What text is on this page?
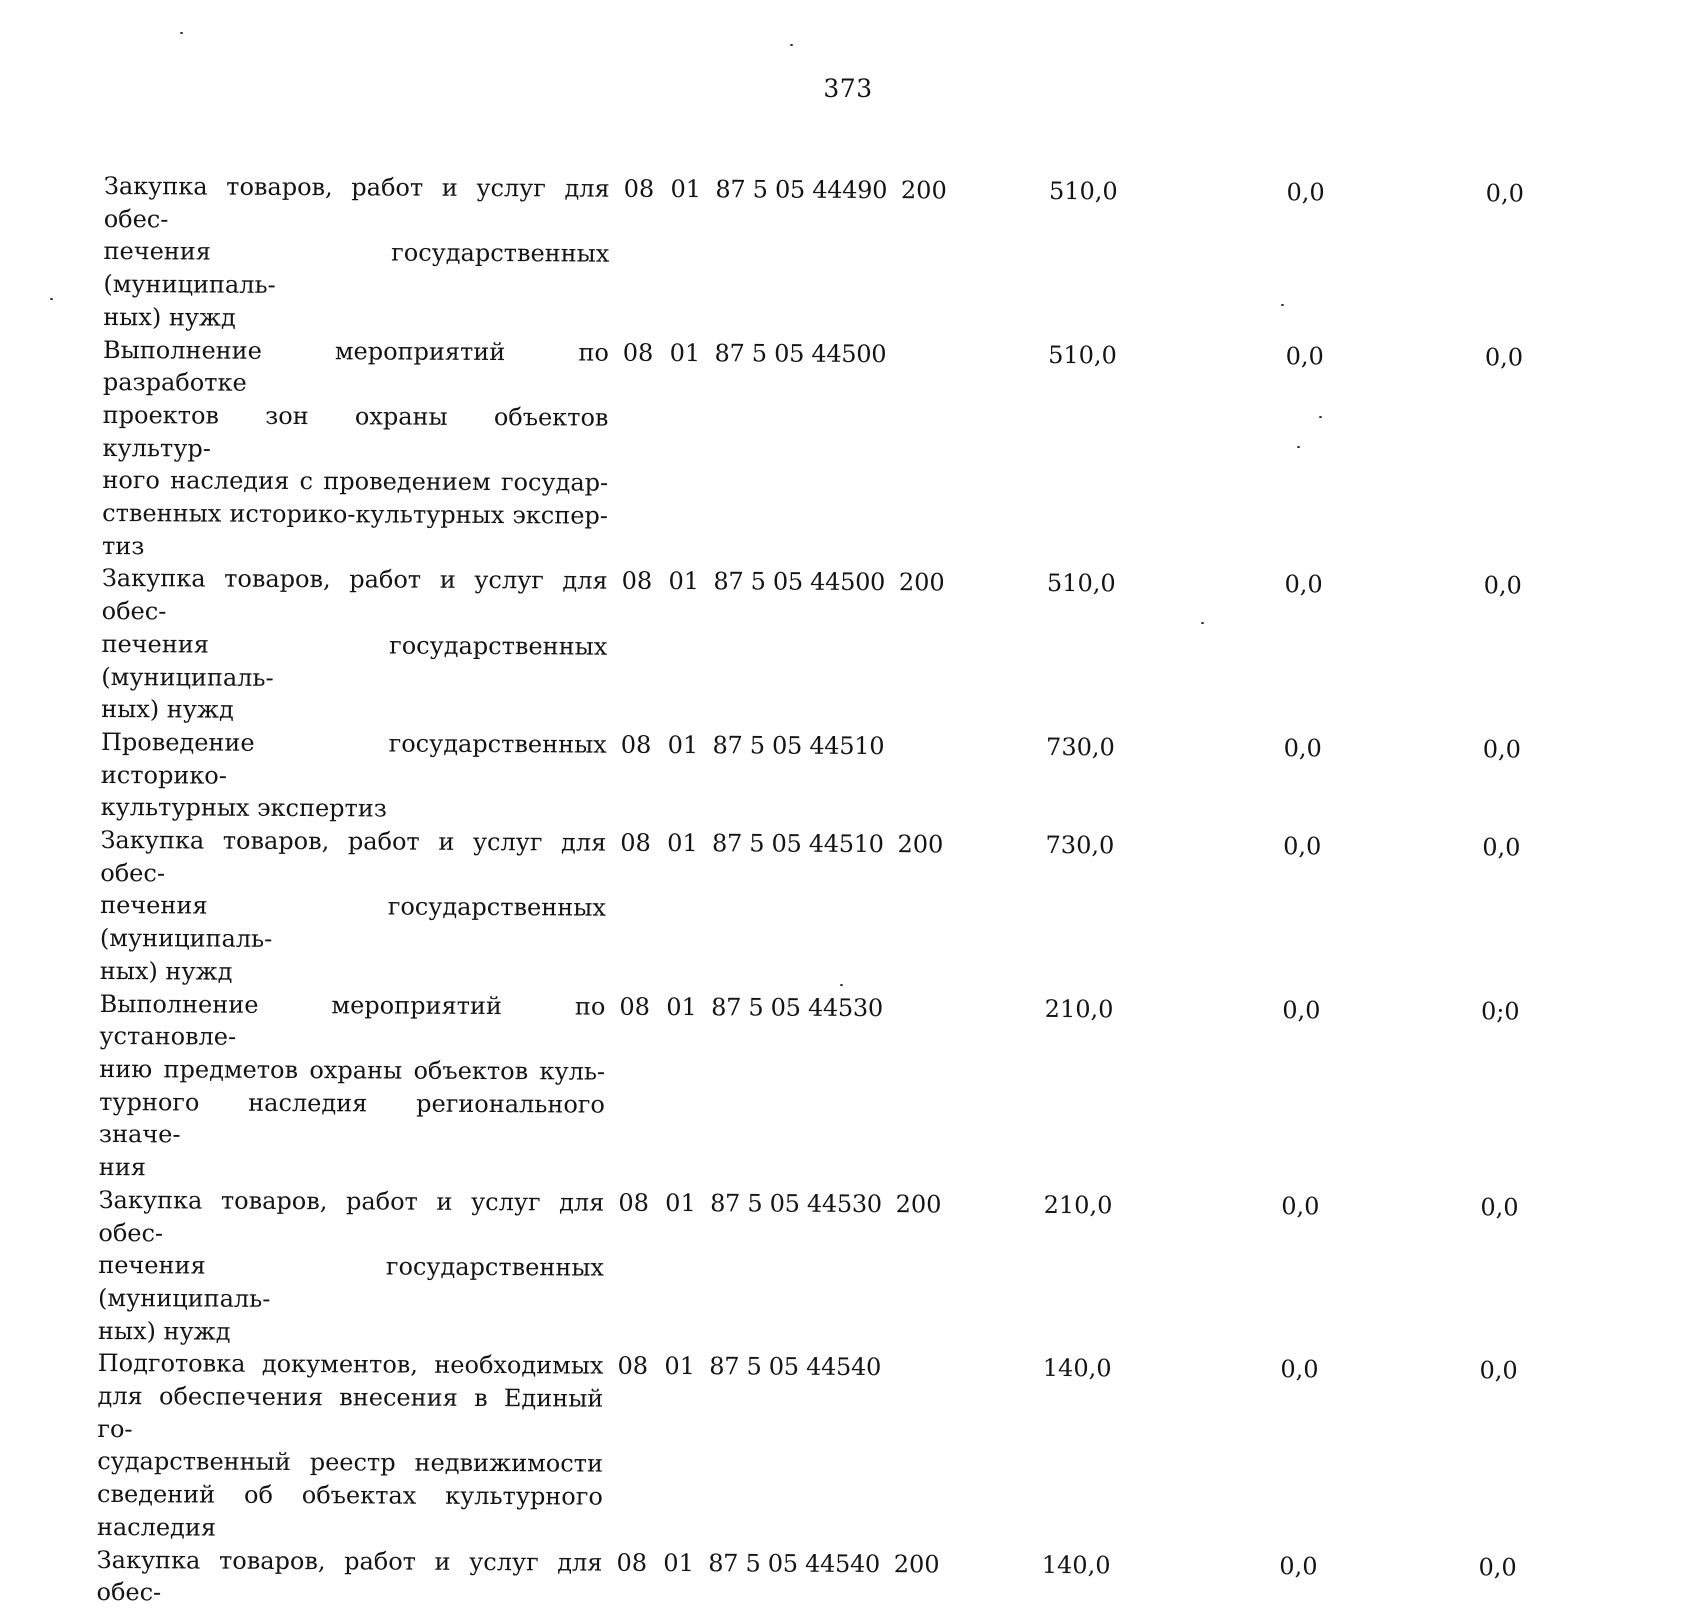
373
Закупка товаров, работ и услуг для обес-
печения государственных (муниципаль-
ных) нужд
08 01 87 5 05 44490 200	510,0	0,0	0,0
Выполнение мероприятий по разработке
проектов зон охраны объектов культур-
ного наследия с проведением государ-
ственных историко-культурных экспер-
тиз
08 01 87 5 05 44500	510,0	0,0	0,0
Закупка товаров, работ и услуг для обес-
печения государственных (муниципаль-
ных) нужд
08 01 87 5 05 44500 200	510,0	0,0	0,0
Проведение государственных историко-
культурных экспертиз
08 01 87 5 05 44510	730,0	0,0	0,0
Закупка товаров, работ и услуг для обес-
печения государственных (муниципаль-
ных) нужд
08 01 87 5 05 44510 200	730,0	0,0	0,0
Выполнение мероприятий по установле-
нию предметов охраны объектов куль-
турного наследия регионального значе-
ния
08 01 87 5 05 44530	210,0	0,0	0;0
Закупка товаров, работ и услуг для обес-
печения государственных (муниципаль-
ных) нужд
08 01 87 5 05 44530 200	210,0	0,0	0,0
Подготовка документов, необходимых
для обеспечения внесения в Единый го-
сударственный реестр недвижимости
сведений об объектах культурного
наследия
08 01 87 5 05 44540	140,0	0,0	0,0
Закупка товаров, работ и услуг для обес-
08 01 87 5 05 44540 200	140,0	0,0	0,0
